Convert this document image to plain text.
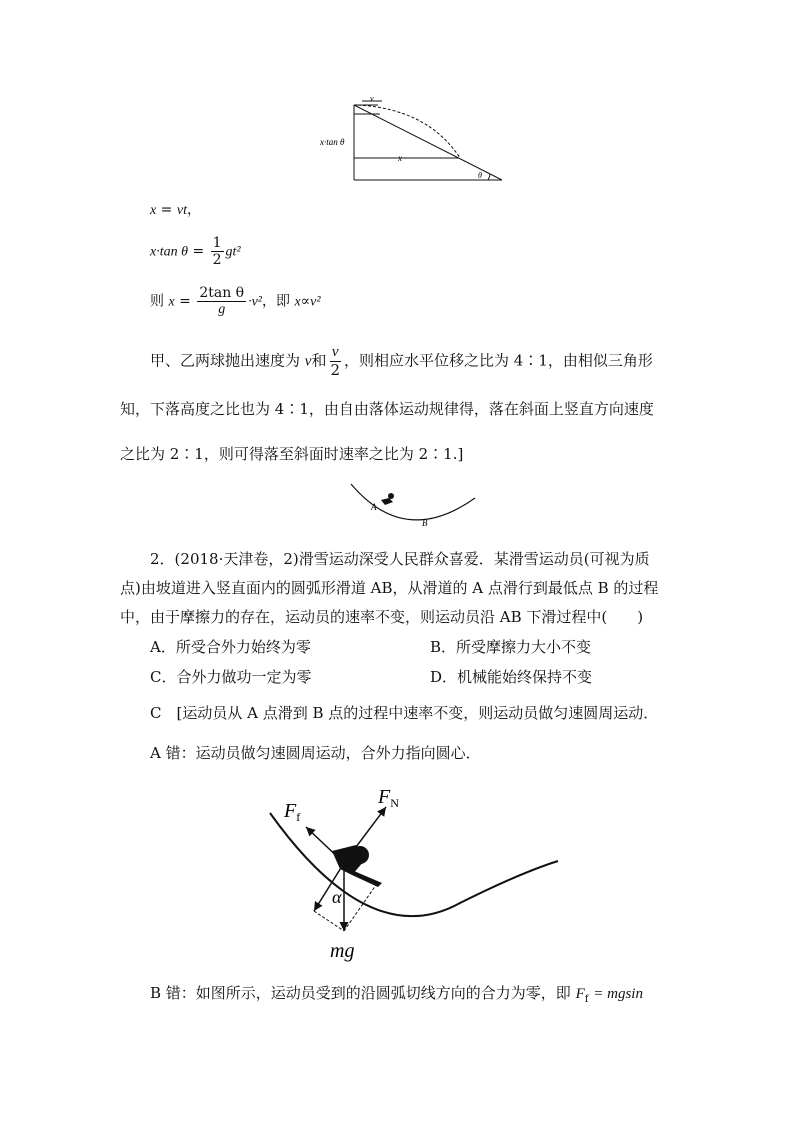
v
x·tan θ
x
θ
x = vt，
x·tan $\theta = \frac{1}{2} gt^2$
则 $x = \frac{\text{2tan θ}}{g} \cdot v^2$，即 x∝v²
甲、乙两球抛出速度为 v和 $\frac{v}{2}$ ，则相应水平位移之比为 4∶1，由相似三角形
知，下落高度之比也为 4∶1，由自由落体运动规律得，落在斜面上竖直方向速度
之比为 2∶1，则可得落至斜面时速率之比为 2∶1.]
A
B
2．(2018·天津卷，2)滑雪运动深受人民群众喜爱．某滑雪运动员(可视为质
点)由坡道进入竖直面内的圆弧形滑道 AB，从滑道的 A 点滑行到最低点 B 的过程
中，由于摩擦力的存在，运动员的速率不变，则运动员沿 AB 下滑过程中(　　)
A．所受合外力始终为零	B．所受摩擦力大小不变
C．合外力做功一定为零	D．机械能始终保持不变
C　[运动员从 A 点滑到 B 点的过程中速率不变，则运动员做匀速圆周运动．
A 错：运动员做匀速圆周运动，合外力指向圆心．
$F_f$
$F_N$
α
mg
B 错：如图所示，运动员受到的沿圆弧切线方向的合力为零，即 $F_f = mgsin$
